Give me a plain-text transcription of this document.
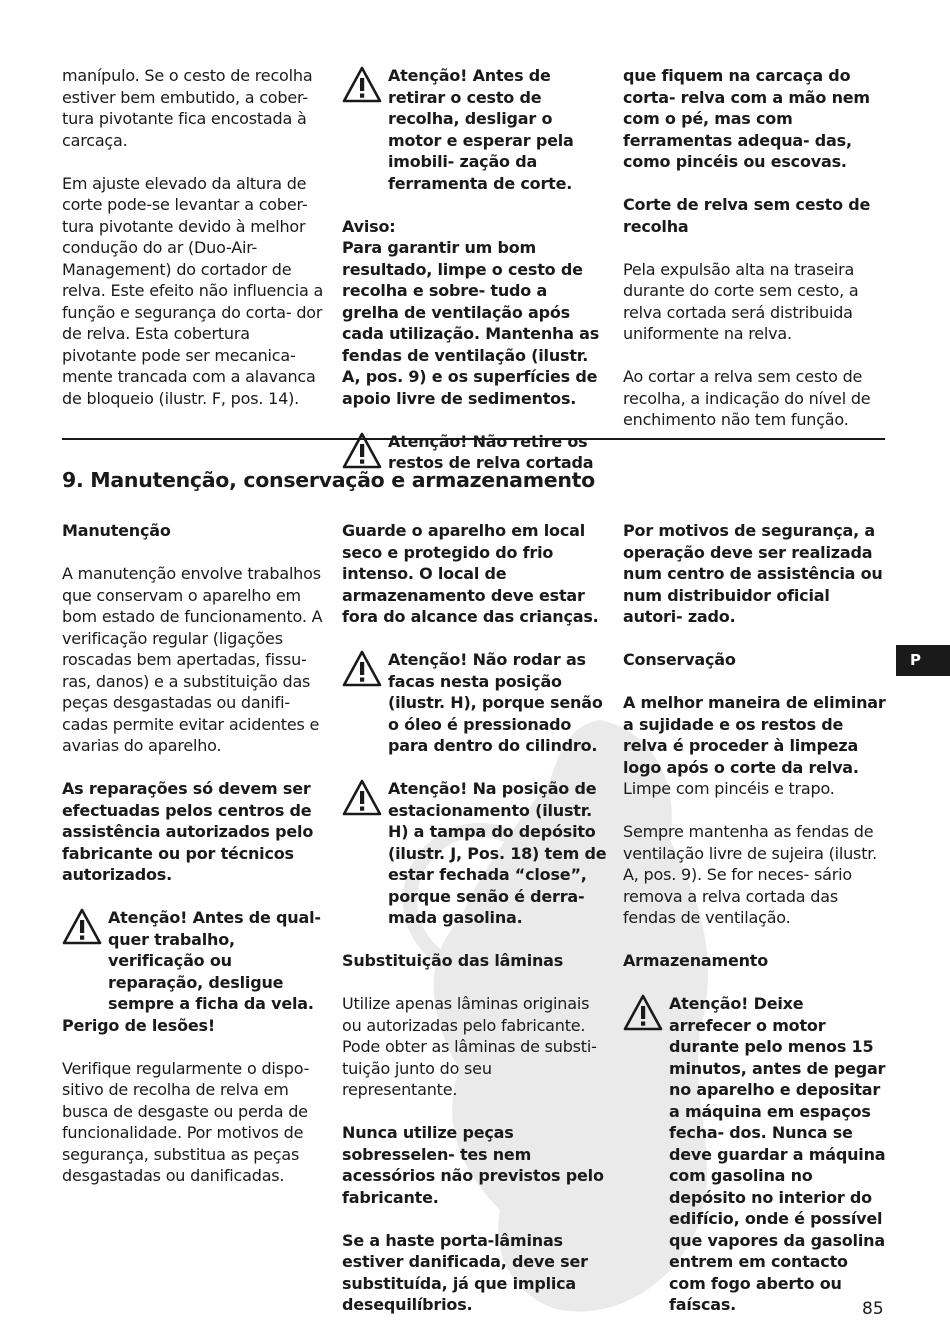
manípulo. Se o cesto de recolha estiver bem embutido, a cober- tura pivotante fica encostada à carcaça.

Em ajuste elevado da altura de corte pode-se levantar a cober- tura pivotante devido à melhor condução do ar (Duo-Air- Management) do cortador de relva. Este efeito não influencia a função e segurança do corta- dor de relva. Esta cobertura pivotante pode ser mecanica- mente trancada com a alavanca de bloqueio (ilustr. F, pos. 14).

Atenção! Antes de retirar o cesto de recolha, desligar o motor e esperar pela imobili- zação da ferramenta de corte.

Aviso:

Para garantir um bom resultado, limpe o cesto de recolha e sobre- tudo a grelha de ventilação após cada utilização. Mantenha as fendas de ventilação (ilustr. A, pos. 9) e os superfícies de apoio livre de sedimentos.

Atenção! Não retire os restos de relva cortada

que fiquem na carcaça do corta- relva com a mão nem com o pé, mas com ferramentas adequa- das, como pincéis ou escovas.

Corte de relva sem cesto de recolha

Pela expulsão alta na traseira durante do corte sem cesto, a relva cortada será distribuida uniformente na relva.

Ao cortar a relva sem cesto de recolha, a indicação do nível de enchimento não tem função.

9. Manutenção, conservação e armazenamento

Manutenção

A manutenção envolve trabalhos que conservam o aparelho em bom estado de funcionamento. A verificação regular (ligações roscadas bem apertadas, fissu- ras, danos) e a substituição das peças desgastadas ou danifi- cadas permite evitar acidentes e avarias do aparelho.

As reparações só devem ser efectuadas pelos centros de assistência autorizados pelo fabricante ou por técnicos autorizados.

Atenção! Antes de qual- quer trabalho, verificação ou reparação, desligue sempre a ficha da vela.

Perigo de lesões!

Verifique regularmente o dispo- sitivo de recolha de relva em busca de desgaste ou perda de funcionalidade. Por motivos de segurança, substitua as peças desgastadas ou danificadas.

Guarde o aparelho em local seco e protegido do frio intenso. O local de armazenamento deve estar fora do alcance das crianças.

Atenção! Não rodar as facas nesta posição (ilustr. H), porque senão o óleo é pressionado para dentro do cilindro.

Atenção! Na posição de estacionamento (ilustr. H) a tampa do depósito (ilustr. J, Pos. 18) tem de estar fechada “close”, porque senão é derra- mada gasolina.

Substituição das lâminas

Utilize apenas lâminas originais ou autorizadas pelo fabricante. Pode obter as lâminas de substi- tuição junto do seu representante.

Nunca utilize peças sobresselen- tes nem acessórios não previstos pelo fabricante.

Se a haste porta-lâminas estiver danificada, deve ser substituída, já que implica desequilíbrios.

Por motivos de segurança, a operação deve ser realizada num centro de assistência ou num distribuidor oficial autori- zado.

Conservação

A melhor maneira de eliminar a sujidade e os restos de relva é proceder à limpeza logo após o corte da relva.

Limpe com pincéis e trapo.

Sempre mantenha as fendas de ventilação livre de sujeira (ilustr. A, pos. 9). Se for neces- sário remova a relva cortada das fendas de ventilação.

Armazenamento

Atenção! Deixe arrefecer o motor durante pelo menos 15 minutos, antes de pegar no aparelho e depositar a máquina em espaços fecha- dos. Nunca se deve guardar a máquina com gasolina no depósito no interior do edifício, onde é possível que vapores da gasolina entrem em contacto com fogo aberto ou faíscas.

P
85
